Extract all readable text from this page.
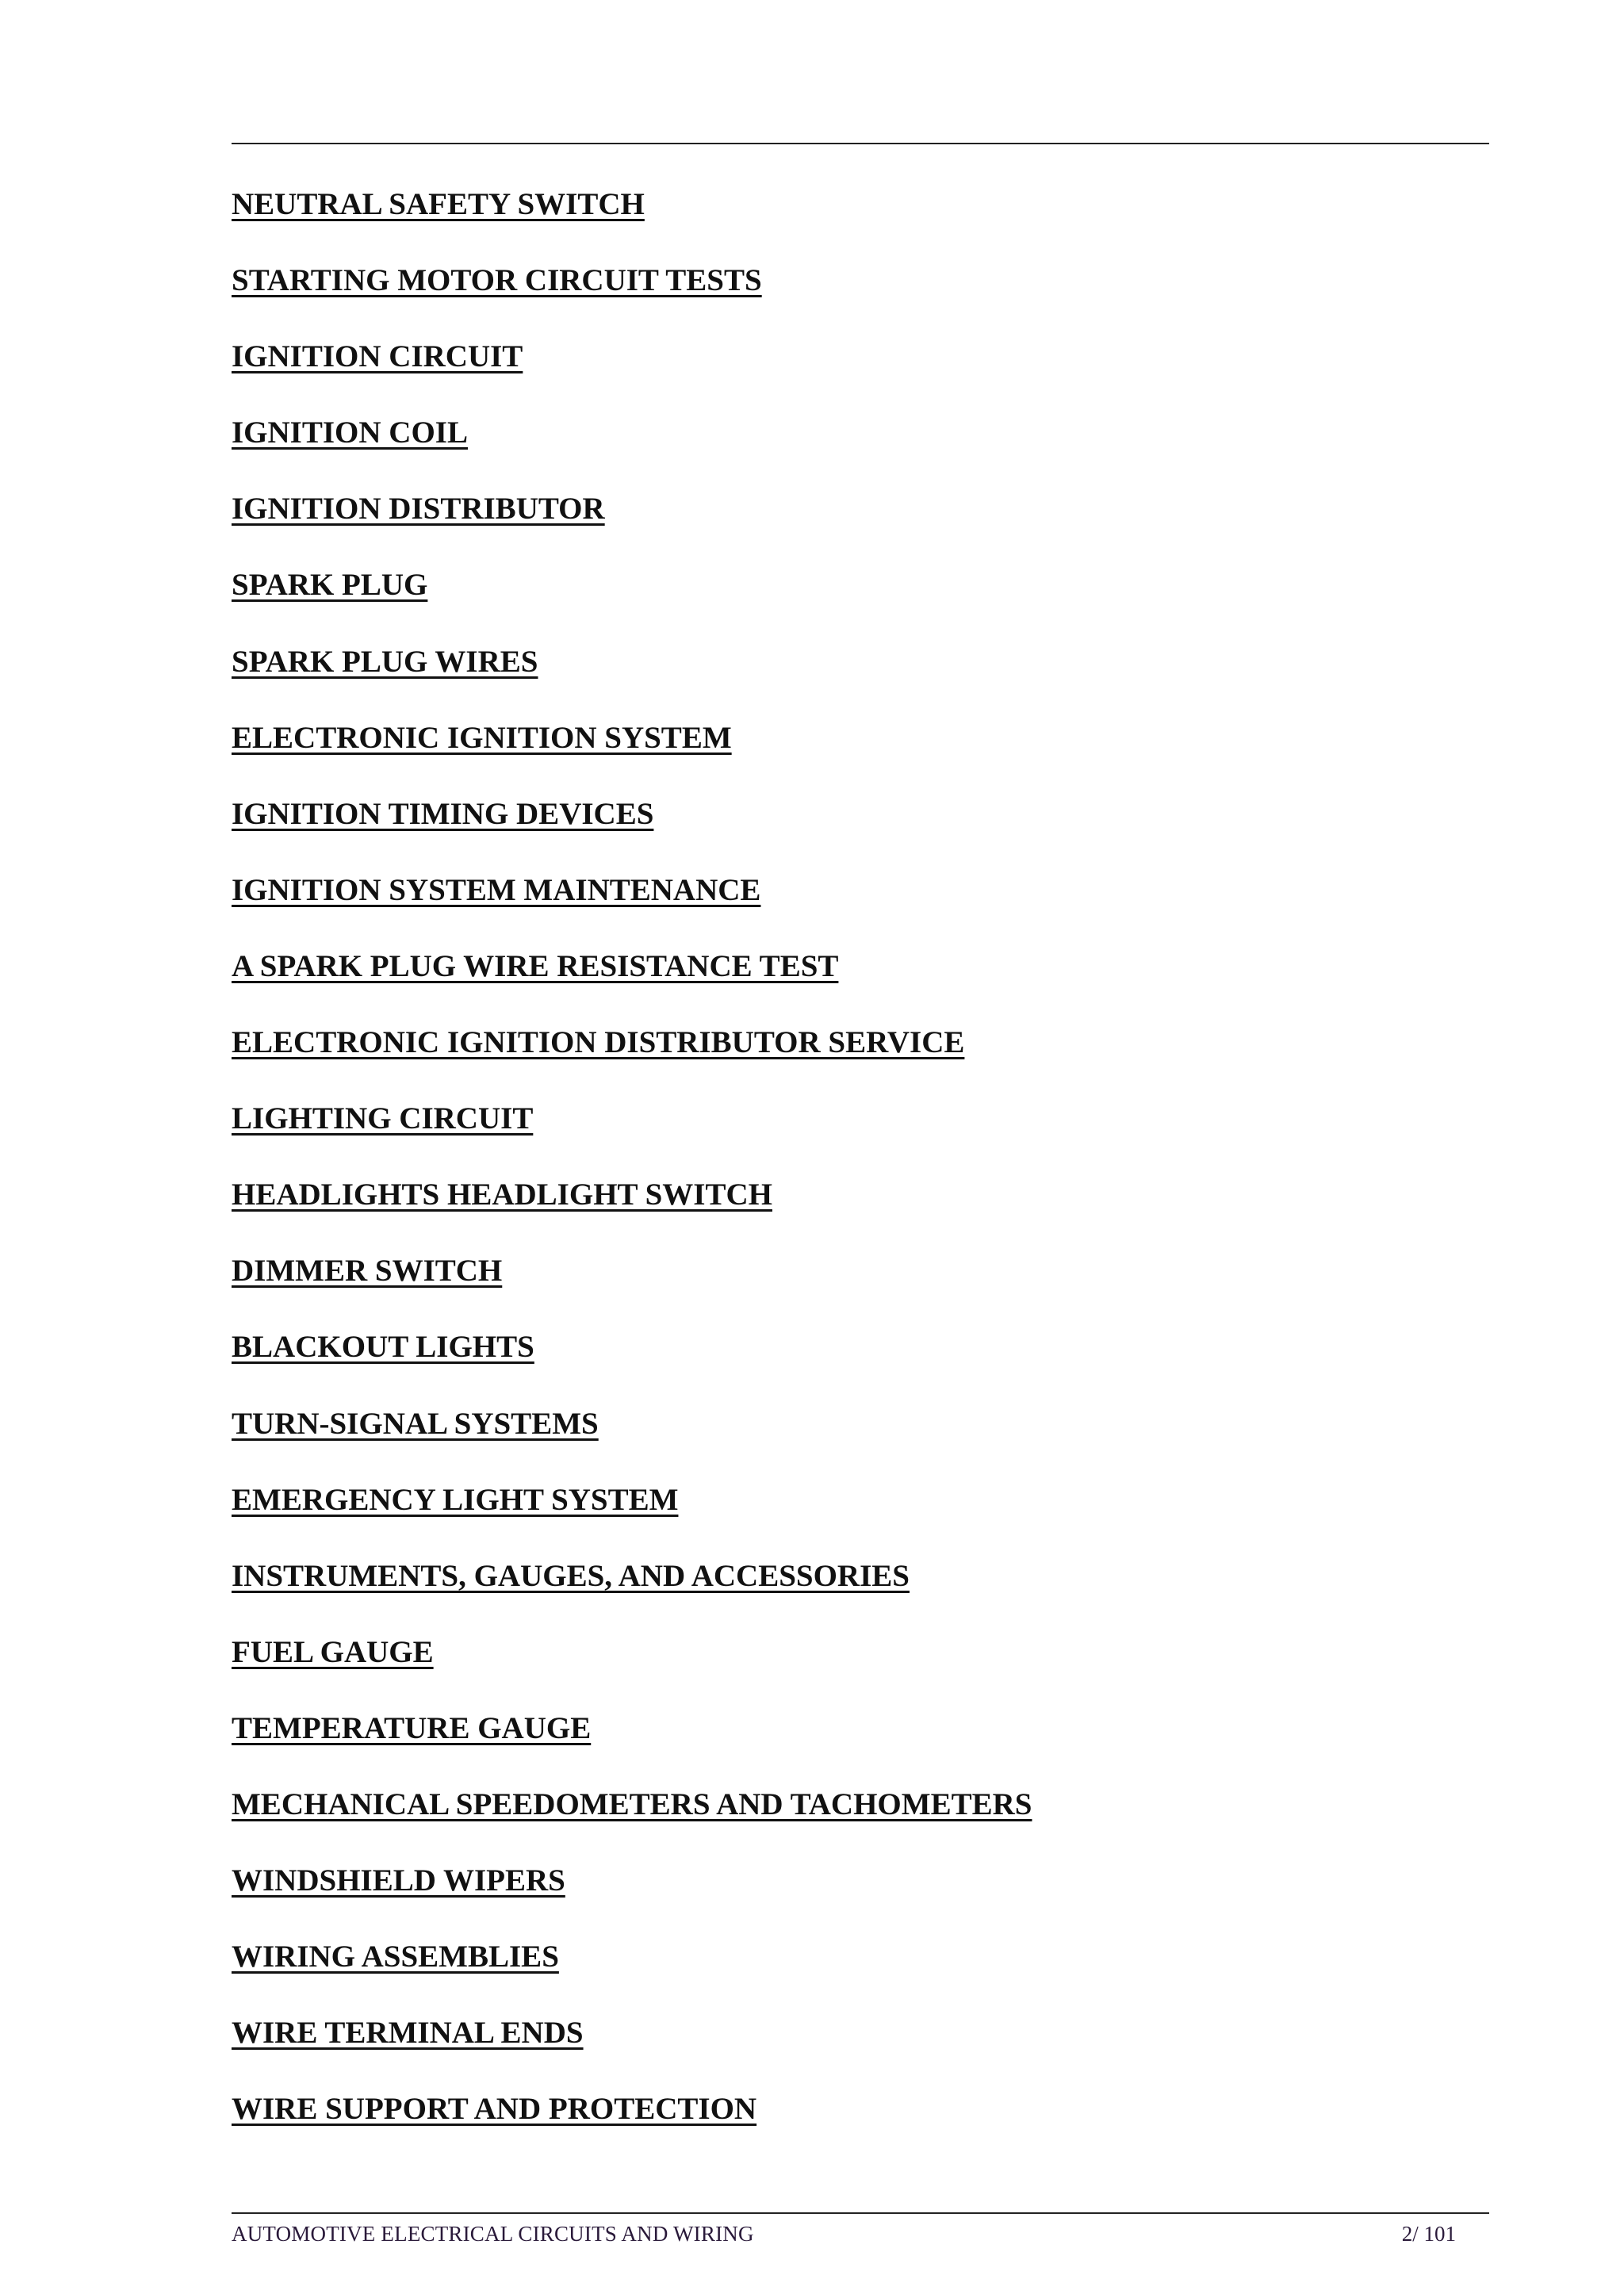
NEUTRAL SAFETY SWITCH
STARTING MOTOR CIRCUIT TESTS
IGNITION CIRCUIT
IGNITION COIL
IGNITION DISTRIBUTOR
SPARK PLUG
SPARK PLUG WIRES
ELECTRONIC IGNITION SYSTEM
IGNITION TIMING DEVICES
IGNITION SYSTEM MAINTENANCE
A SPARK PLUG WIRE RESISTANCE TEST
ELECTRONIC IGNITION DISTRIBUTOR SERVICE
LIGHTING CIRCUIT
HEADLIGHTS HEADLIGHT SWITCH
DIMMER SWITCH
BLACKOUT LIGHTS
TURN-SIGNAL SYSTEMS
EMERGENCY LIGHT SYSTEM
INSTRUMENTS, GAUGES, AND ACCESSORIES
FUEL GAUGE
TEMPERATURE GAUGE
MECHANICAL SPEEDOMETERS AND TACHOMETERS
WINDSHIELD WIPERS
WIRING ASSEMBLIES
WIRE TERMINAL ENDS
WIRE SUPPORT AND PROTECTION
AUTOMOTIVE ELECTRICAL CIRCUITS AND WIRING	2/ 101
